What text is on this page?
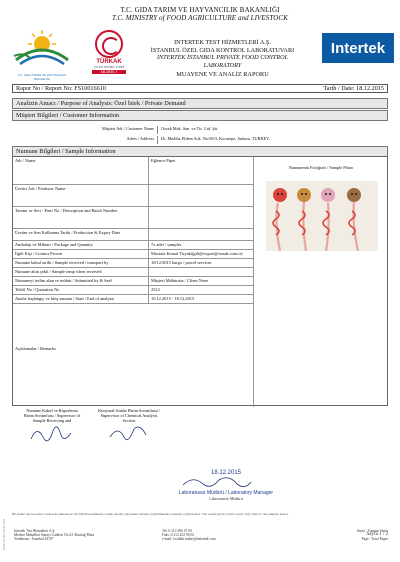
T.C. GIDA TARIM VE HAYVANCILIK BAKANLIĞI
T.C. MINISTRY of FOOD AGRICULTURE and LIVESTOCK
T.C. GIDA TARIM VE HAYVANCILIK BAKANLIĞI
TÜRKAK
TS EN ISO/IEC 17025
AB-0830-T
INTERTEK TEST HİZMETLERİ A.Ş.
İSTANBUL ÖZEL GIDA KONTROL LABORATUVARI
INTERTEK İSTANBUL PRIVATE FOOD CONTROL
LABORATORY
MUAYENE VE ANALİZ RAPORU
Intertek
Rapor No / Report No: FS10016610	Tarih / Date: 18.12.2015
Analizin Amacı / Purpose of Analysis: Özel İstek / Private Demand
Müşteri Bilgileri / Customer Information
Müşteri Adı / Customer Name	Ozsak Mak. San. ve Tic. Ltd. Şti.
Adres / Address	Dr. Mediha Eldem Sok. No:69/3, Kocatepe, Ankara, TURKEY.
Numune Bilgileri / Sample Information
Adı / Name	Eğlence Pipet
Üretici Adı / Producer Name
Tanımı ve Seri - Parti No / Description and Batch Number
Üretim ve Son Kullanma Tarihi / Production & Expiry Date
Ambalajı ve Miktarı / Package and Quantity	7x adet / samples
İlgili Kişi / Contact Person	Mustafa Kemal Tiryaki(gilt@export@ozsak.com.tr)
Numune kabul tarihi / Sample received / transport by	10/12/2015 kargo / parcel services
Numune alım şekli / Sample temp when received
Numuneyi teslim alan ve mühür / Submitted by & Seal	Müşteri Mühürsüz / Client None
Teklif No / Quotation No	2512
Analiz başlangıç ve bitiş zamanı / Start / End of analysis	10.12.2015 - 18.12.2015
Açıklamalar / Remarks
Numunenin Fotoğrafı / Sample Photo
Numune Kabul ve Raporlama Birim Sorumlusu / Supervisor of Sample Receiving and
Kimyasal Analiz Birim Sorumlusu / Supervisor of Chemical Analysis Section
18.12.2015
Laboratuvar Müdürü / Laboratory Manager
Laboratuvar Müdürü
Bu analiz raporu sadece yukarıda numune no ile belirtilen numuneye aittir. Analiz raporunun tamamı çoğaltılmadıkça kısmen çoğaltılamaz. The results given in this report only relate to the samples tested.
Intertek Test Hizmetleri A.Ş.
Merkez Mahallesi Sanayi Caddesi No:23 Altıntağ Plaza
Yenibosna - İstanbul 34197
Tel: 0 212 496 47 00
Faks: 0 212 452 96 02
e-mail: foodlab.turkey@intertek.com
Sayfa / Topium Sayfa
Sayfa 1 / 2
Page / Total Pages
FR-07-01-00 / 01.11.2011
